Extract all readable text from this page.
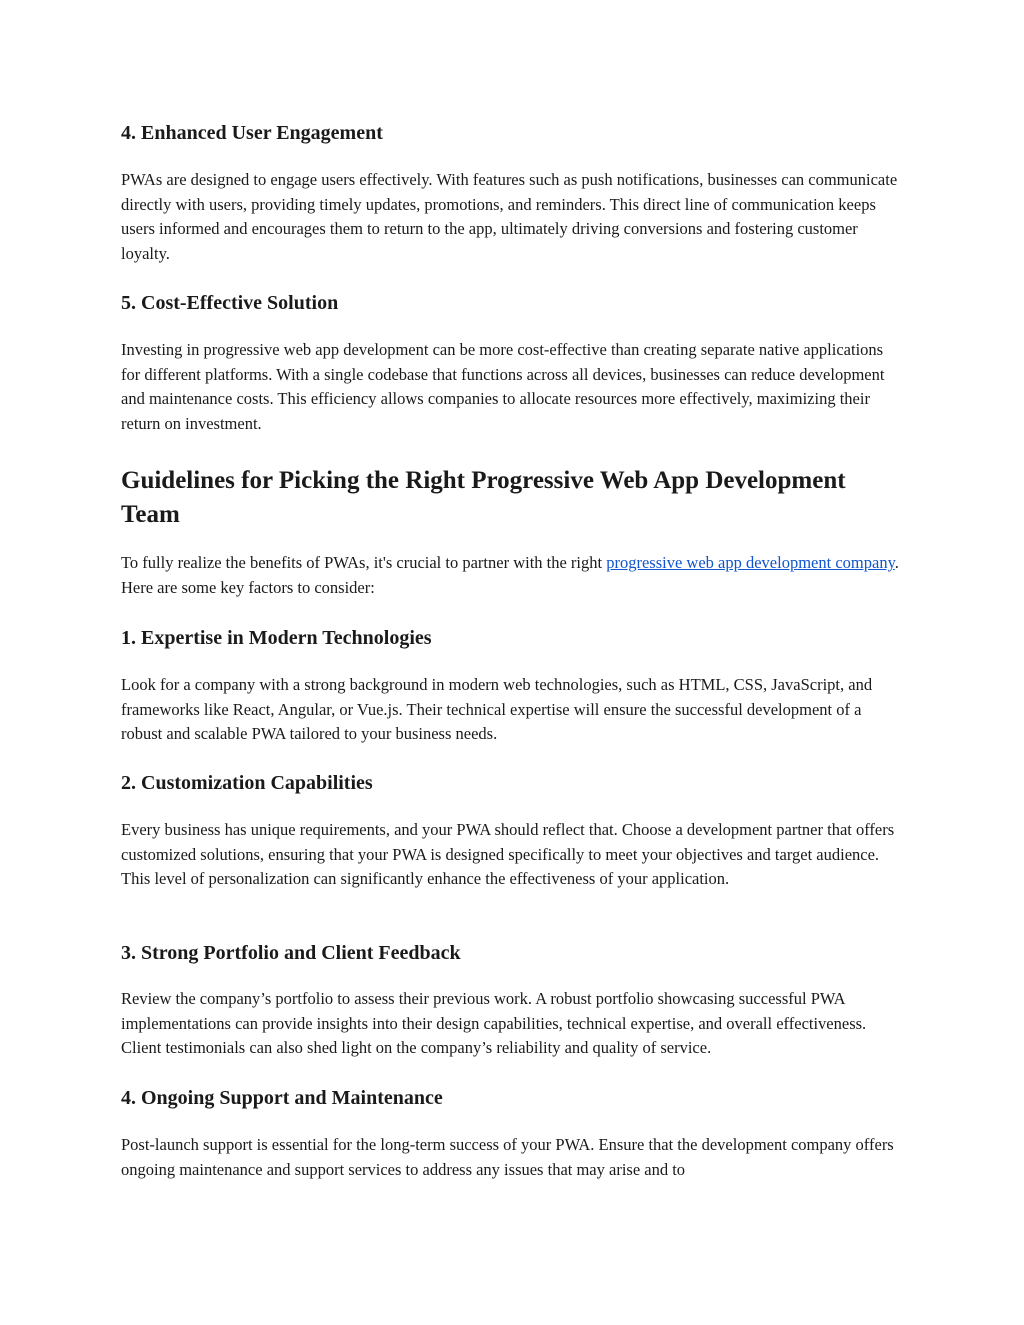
4. Enhanced User Engagement

PWAs are designed to engage users effectively. With features such as push notifications, businesses can communicate directly with users, providing timely updates, promotions, and reminders. This direct line of communication keeps users informed and encourages them to return to the app, ultimately driving conversions and fostering customer loyalty.

5. Cost-Effective Solution

Investing in progressive web app development can be more cost-effective than creating separate native applications for different platforms. With a single codebase that functions across all devices, businesses can reduce development and maintenance costs. This efficiency allows companies to allocate resources more effectively, maximizing their return on investment.

Guidelines for Picking the Right Progressive Web App Development Team

To fully realize the benefits of PWAs, it's crucial to partner with the right progressive web app development company. Here are some key factors to consider:

1. Expertise in Modern Technologies

Look for a company with a strong background in modern web technologies, such as HTML, CSS, JavaScript, and frameworks like React, Angular, or Vue.js. Their technical expertise will ensure the successful development of a robust and scalable PWA tailored to your business needs.

2. Customization Capabilities

Every business has unique requirements, and your PWA should reflect that. Choose a development partner that offers customized solutions, ensuring that your PWA is designed specifically to meet your objectives and target audience. This level of personalization can significantly enhance the effectiveness of your application.

3. Strong Portfolio and Client Feedback

Review the company’s portfolio to assess their previous work. A robust portfolio showcasing successful PWA implementations can provide insights into their design capabilities, technical expertise, and overall effectiveness. Client testimonials can also shed light on the company’s reliability and quality of service.

4. Ongoing Support and Maintenance

Post-launch support is essential for the long-term success of your PWA. Ensure that the development company offers ongoing maintenance and support services to address any issues that may arise and to
